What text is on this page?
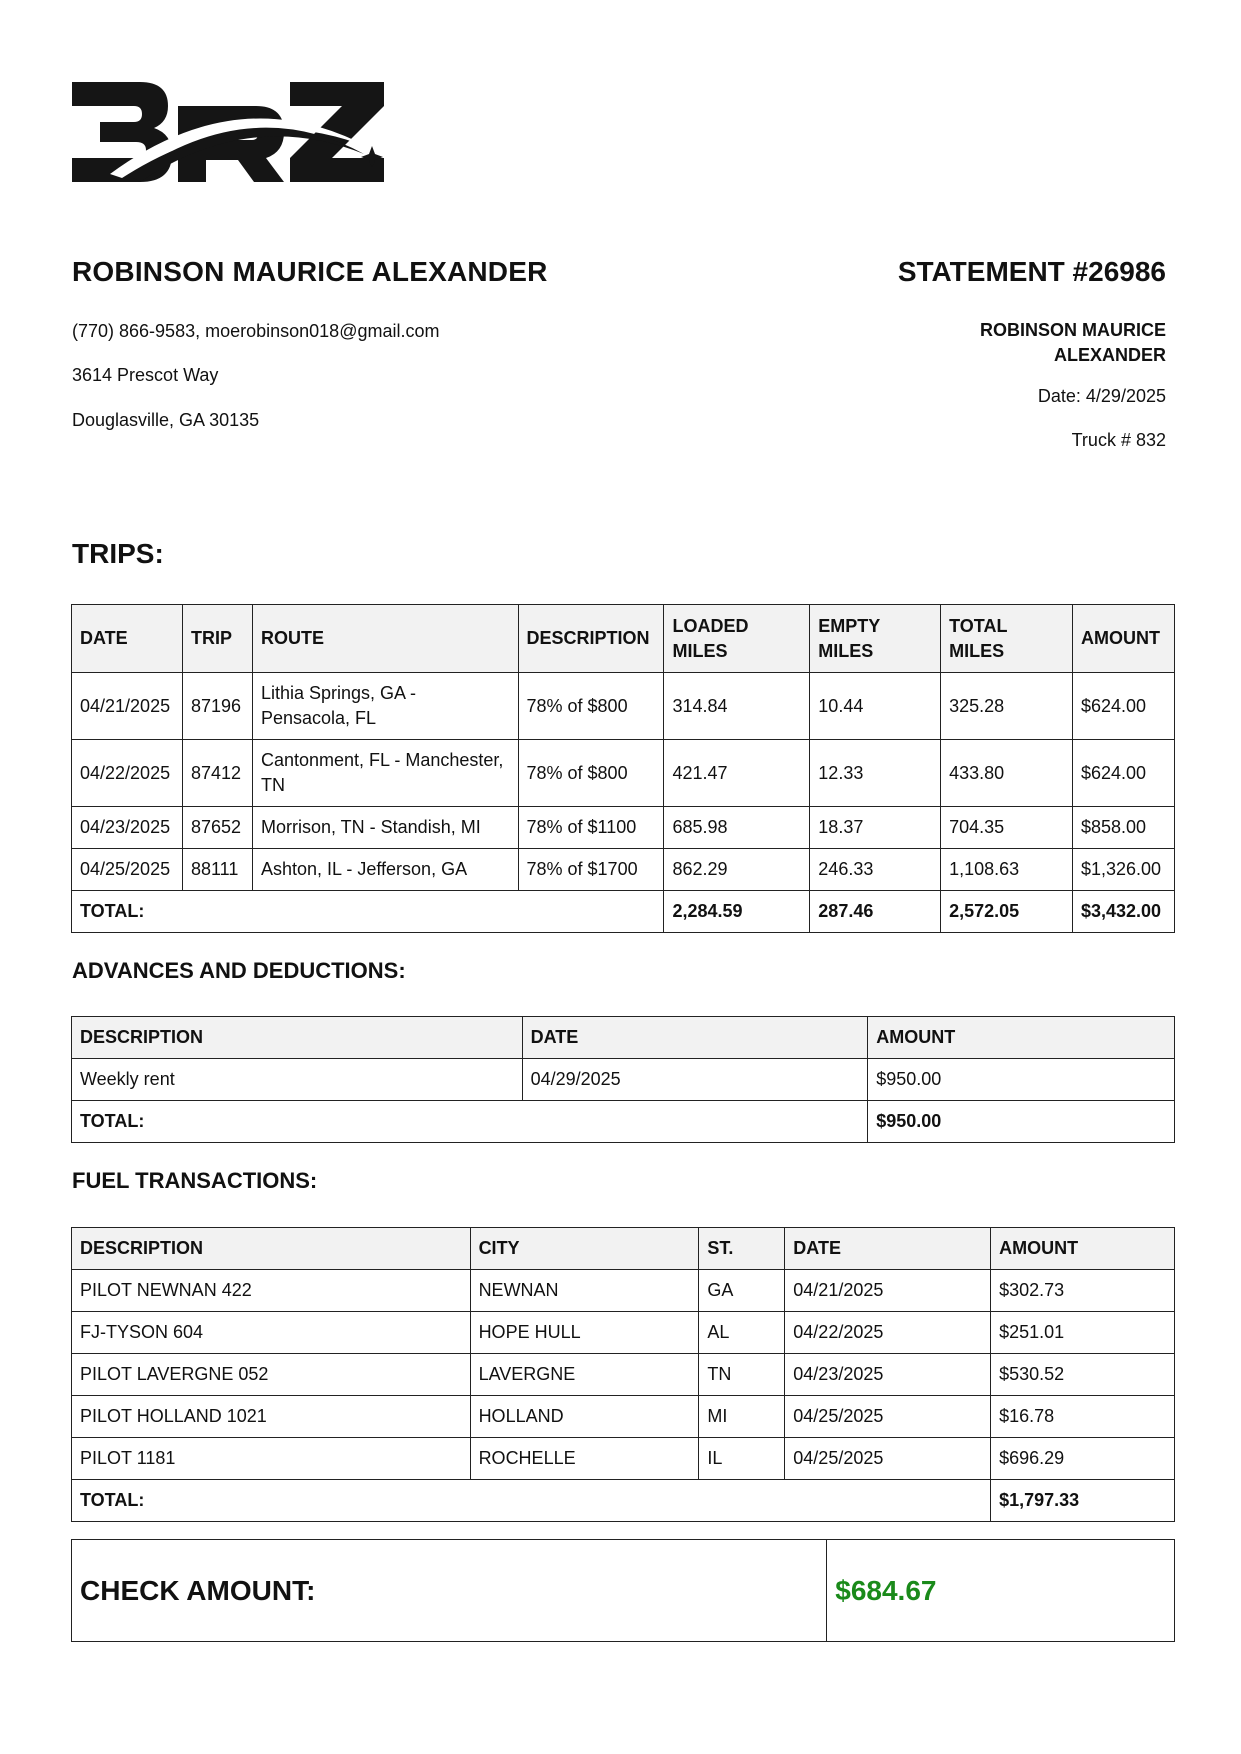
ROBINSON MAURICE ALEXANDER
(770) 866-9583, moerobinson018@gmail.com
3614 Prescot Way
Douglasville, GA 30135
STATEMENT #26986
ROBINSON MAURICE ALEXANDER
Date: 4/29/2025
Truck # 832
TRIPS:
DATE	TRIP	ROUTE	DESCRIPTION	LOADED MILES	EMPTY MILES	TOTAL MILES	AMOUNT
04/21/2025	87196	Lithia Springs, GA - Pensacola, FL	78% of $800	314.84	10.44	325.28	$624.00
04/22/2025	87412	Cantonment, FL - Manchester, TN	78% of $800	421.47	12.33	433.80	$624.00
04/23/2025	87652	Morrison, TN - Standish, MI	78% of $1100	685.98	18.37	704.35	$858.00
04/25/2025	88111	Ashton, IL - Jefferson, GA	78% of $1700	862.29	246.33	1,108.63	$1,326.00
TOTAL:				2,284.59	287.46	2,572.05	$3,432.00
ADVANCES AND DEDUCTIONS:
DESCRIPTION	DATE	AMOUNT
Weekly rent	04/29/2025	$950.00
TOTAL:		$950.00
FUEL TRANSACTIONS:
DESCRIPTION	CITY	ST.	DATE	AMOUNT
PILOT NEWNAN 422	NEWNAN	GA	04/21/2025	$302.73
FJ-TYSON 604	HOPE HULL	AL	04/22/2025	$251.01
PILOT LAVERGNE 052	LAVERGNE	TN	04/23/2025	$530.52
PILOT HOLLAND 1021	HOLLAND	MI	04/25/2025	$16.78
PILOT 1181	ROCHELLE	IL	04/25/2025	$696.29
TOTAL:				$1,797.33
CHECK AMOUNT:	$684.67
